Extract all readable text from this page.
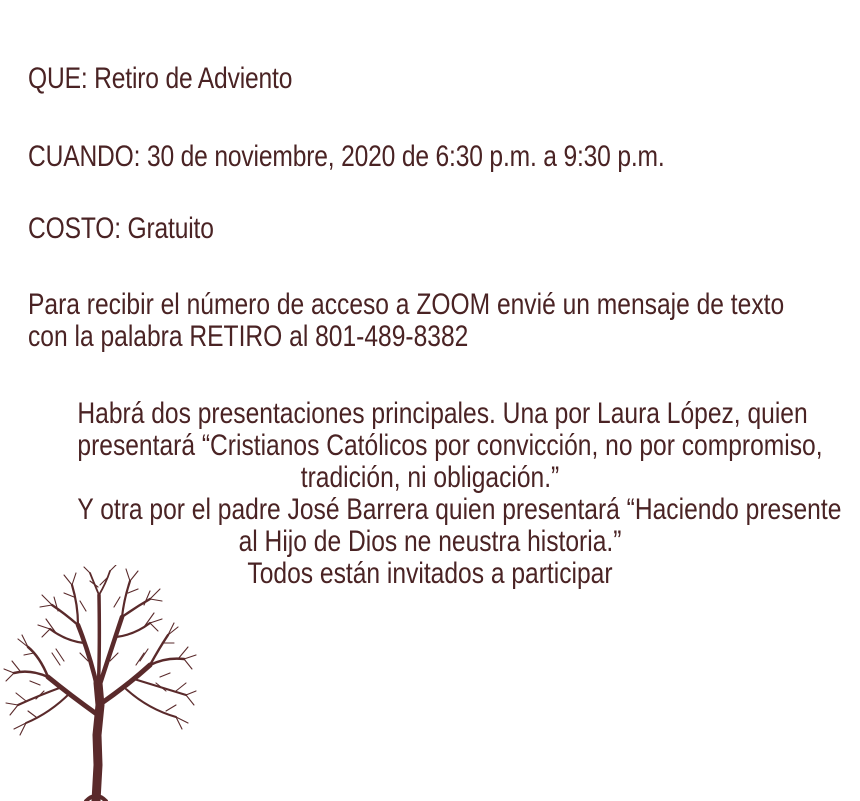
QUE: Retiro de Adviento
CUANDO: 30 de noviembre, 2020 de 6:30 p.m. a 9:30 p.m.
COSTO: Gratuito
Para recibir el número de acceso a ZOOM envié un mensaje de texto
con la palabra RETIRO al 801-489-8382
Habrá dos presentaciones principales. Una por Laura López, quien
presentará “Cristianos Católicos por convicción, no por compromiso,
tradición, ni obligación.”
Y otra por el padre José Barrera quien presentará “Haciendo presente
al Hijo de Dios ne neustra historia.”
Todos están invitados a participar
